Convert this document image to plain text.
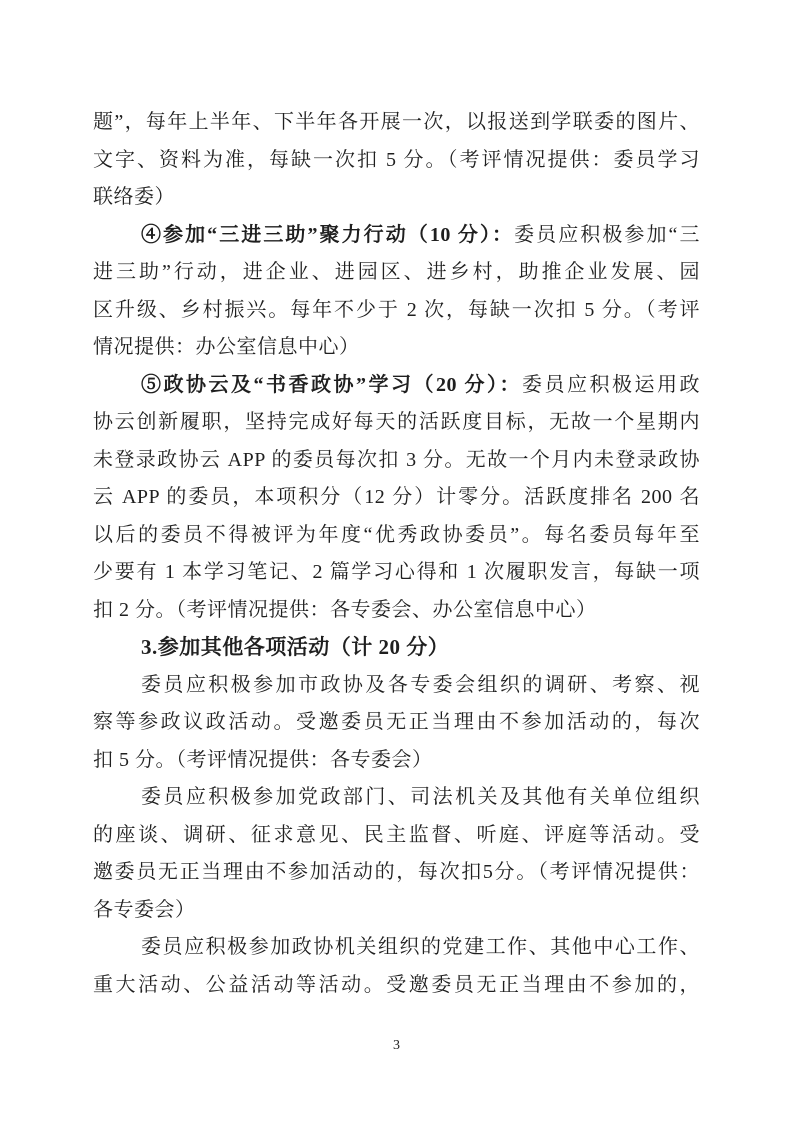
题”，每年上半年、下半年各开展一次，以报送到学联委的图片、
文字、资料为准，每缺一次扣 5 分。（考评情况提供：委员学习
联络委）
④参加“三进三助”聚力行动（10 分）：委员应积极参加“三
进三助”行动，进企业、进园区、进乡村，助推企业发展、园
区升级、乡村振兴。每年不少于 2 次，每缺一次扣 5 分。（考评
情况提供：办公室信息中心）
⑤政协云及“书香政协”学习（20 分）：委员应积极运用政
协云创新履职，坚持完成好每天的活跃度目标，无故一个星期内
未登录政协云 APP 的委员每次扣 3 分。无故一个月内未登录政协
云 APP 的委员，本项积分（12 分）计零分。活跃度排名 200 名
以后的委员不得被评为年度“优秀政协委员”。每名委员每年至
少要有 1 本学习笔记、2 篇学习心得和 1 次履职发言，每缺一项
扣 2 分。（考评情况提供：各专委会、办公室信息中心）
3.参加其他各项活动（计 20 分）
委员应积极参加市政协及各专委会组织的调研、考察、视
察等参政议政活动。受邀委员无正当理由不参加活动的，每次
扣 5 分。（考评情况提供：各专委会）
委员应积极参加党政部门、司法机关及其他有关单位组织
的座谈、调研、征求意见、民主监督、听庭、评庭等活动。受
邀委员无正当理由不参加活动的，每次扣5分。（考评情况提供：
各专委会）
委员应积极参加政协机关组织的党建工作、其他中心工作、
重大活动、公益活动等活动。受邀委员无正当理由不参加的，
3
